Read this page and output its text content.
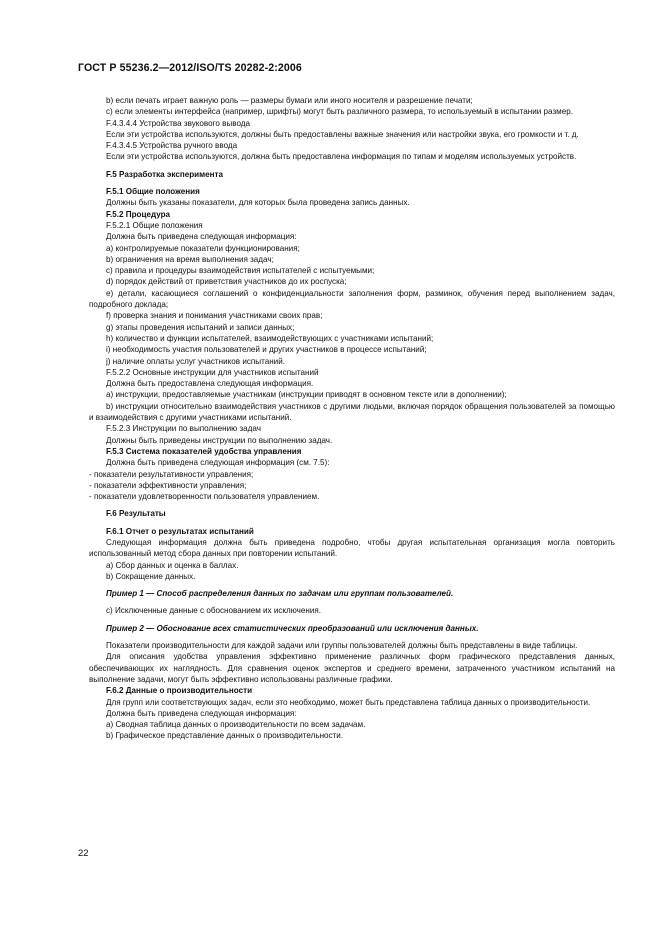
ГОСТ Р 55236.2—2012/ISO/TS 20282-2:2006

b) если печать играет важную роль — размеры бумаги или иного носителя и разрешение печати;

c) если элементы интерфейса (например, шрифты) могут быть различного размера, то используемый в испытании размер.

F.4.3.4.4 Устройства звукового вывода

Если эти устройства используются, должны быть предоставлены важные значения или настройки звука, его громкости и т. д.

F.4.3.4.5 Устройства ручного ввода

Если эти устройства используются, должна быть предоставлена информация по типам и моделям используемых устройств.

F.5 Разработка эксперимента

F.5.1 Общие положения

Должны быть указаны показатели, для которых была проведена запись данных.

F.5.2 Процедура

F.5.2.1 Общие положения

Должна быть приведена следующая информация:

a) контролируемые показатели функционирования;

b) ограничения на время выполнения задач;

c) правила и процедуры взаимодействия испытателей с испытуемыми;

d) порядок действий от приветствия участников до их роспуска;

e) детали, касающиеся соглашений о конфиденциальности заполнения форм, разминок, обучения перед выполнением задач, подробного доклада;

f) проверка знания и понимания участниками своих прав;

g) этапы проведения испытаний и записи данных;

h) количество и функции испытателей, взаимодействующих с участниками испытаний;

i) необходимость участия пользователей и других участников в процессе испытаний;

j) наличие оплаты услуг участников испытаний.

F.5.2.2 Основные инструкции для участников испытаний

Должна быть предоставлена следующая информация.

a) инструкции, предоставляемые участникам (инструкции приводят в основном тексте или в дополнении);

b) инструкции относительно взаимодействия участников с другими людьми, включая порядок обращения пользователей за помощью и взаимодействия с другими участниками испытаний.

F.5.2.3 Инструкции по выполнению задач

Должны быть приведены инструкции по выполнению задач.

F.5.3 Система показателей удобства управления

Должна быть приведена следующая информация (см. 7.5):

- показатели результативности управления;

- показатели эффективности управления;

- показатели удовлетворенности пользователя управлением.

F.6 Результаты

F.6.1 Отчет о результатах испытаний

Следующая информация должна быть приведена подробно, чтобы другая испытательная организация могла повторить использованный метод сбора данных при повторении испытаний.

a) Сбор данных и оценка в баллах.

b) Сокращение данных.

Пример 1 — Способ распределения данных по задачам или группам пользователей.

c) Исключенные данные с обоснованием их исключения.

Пример 2 — Обоснование всех статистических преобразований или исключения данных.

Показатели производительности для каждой задачи или группы пользователей должны быть представлены в виде таблицы.

Для описания удобства управления эффективно применение различных форм графического представления данных, обеспечивающих их наглядность. Для сравнения оценок экспертов и среднего времени, затраченного участником испытаний на выполнение задачи, могут быть эффективно использованы различные графики.

F.6.2 Данные о производительности

Для групп или соответствующих задач, если это необходимо, может быть представлена таблица данных о производительности.

Должна быть приведена следующая информация:

a) Сводная таблица данных о производительности по всем задачам.

b) Графическое представление данных о производительности.

22
